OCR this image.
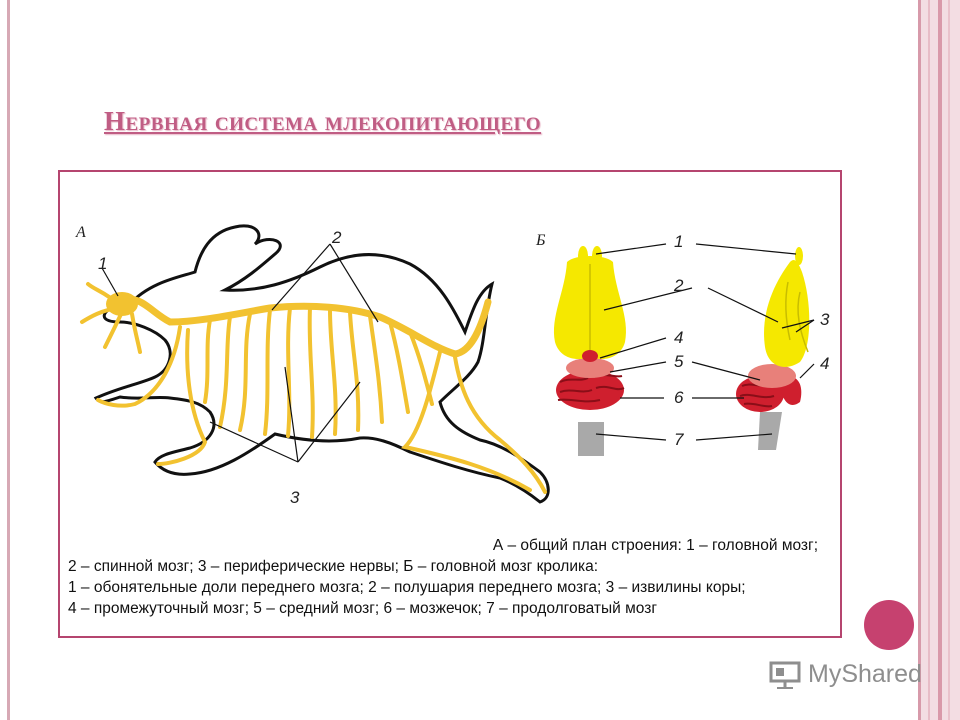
Нервная система млекопитающего
А	Б
1
2
3
1
2
3
4
4
5
6
7
А – общий план строения: 1 – головной мозг;
2 – спинной мозг; 3 – периферические нервы; Б – головной мозг кролика:
1 – обонятельные доли переднего мозга; 2 – полушария переднего мозга; 3 – извилины коры;
4 – промежуточный мозг; 5 – средний мозг; 6 – мозжечок; 7 – продолговатый мозг
MyShared
